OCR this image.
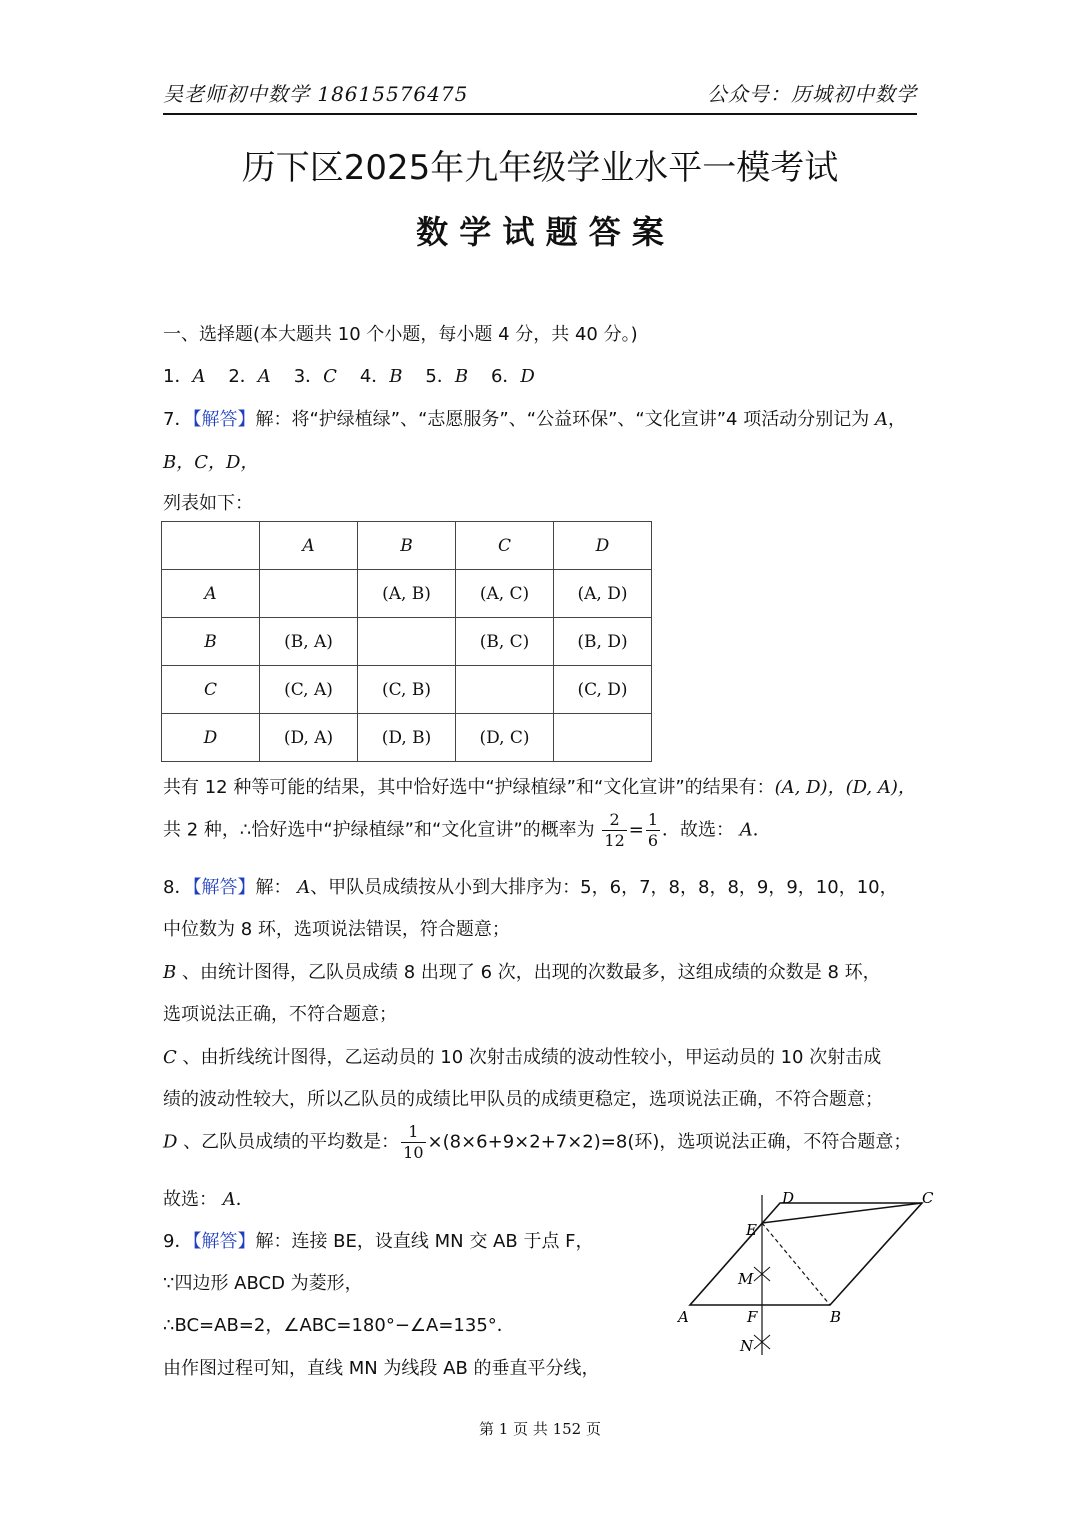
吴老师初中数学 18615576475	公众号：历城初中数学
历下区2025年九年级学业水平一模考试
数 学 试 题 答 案
一、选择题(本大题共 10 个小题，每小题 4 分，共 40 分。)
1．A 2．A 3．C 4．B 5．B 6．D
7．【解答】解：将“护绿植绿”、“志愿服务”、“公益环保”、“文化宣讲”4 项活动分别记为 A，
B，C，D，
列表如下：
	A	B	C	D
A		(A, B)	(A, C)	(A, D)
B	(B, A)		(B, C)	(B, D)
C	(C, A)	(C, B)		(C, D)
D	(D, A)	(D, B)	(D, C)	
共有 12 种等可能的结果，其中恰好选中“护绿植绿”和“文化宣讲”的结果有：(A, D)，(D, A)，
共 2 种，∴恰好选中“护绿植绿”和“文化宣讲”的概率为 $\frac{2}{12} = \frac{1}{6}$ ．故选： A．
8．【解答】解： A、甲队员成绩按从小到大排序为：5，6，7，8，8，8，9，9，10，10，
中位数为 8 环，选项说法错误，符合题意；
B 、由统计图得，乙队员成绩 8 出现了 6 次，出现的次数最多，这组成绩的众数是 8 环，
选项说法正确，不符合题意；
C 、由折线统计图得，乙运动员的 10 次射击成绩的波动性较小，甲运动员的 10 次射击成
绩的波动性较大，所以乙队员的成绩比甲队员的成绩更稳定，选项说法正确，不符合题意；
D 、乙队员成绩的平均数是： $\frac{1}{10} \times(8\times 6+9\times 2+7\times 2)=8$(环)，选项说法正确，不符合题意；
故选： A．
9．【解答】解：连接 BE，设直线 MN 交 AB 于点 F，
∵四边形 ABCD 为菱形，
∴BC=AB=2，∠ABC=180°−∠A=135°．
由作图过程可知，直线 MN 为线段 AB 的垂直平分线，
A	B
C
D
E
F
M
N
第 1 页 共 152 页
